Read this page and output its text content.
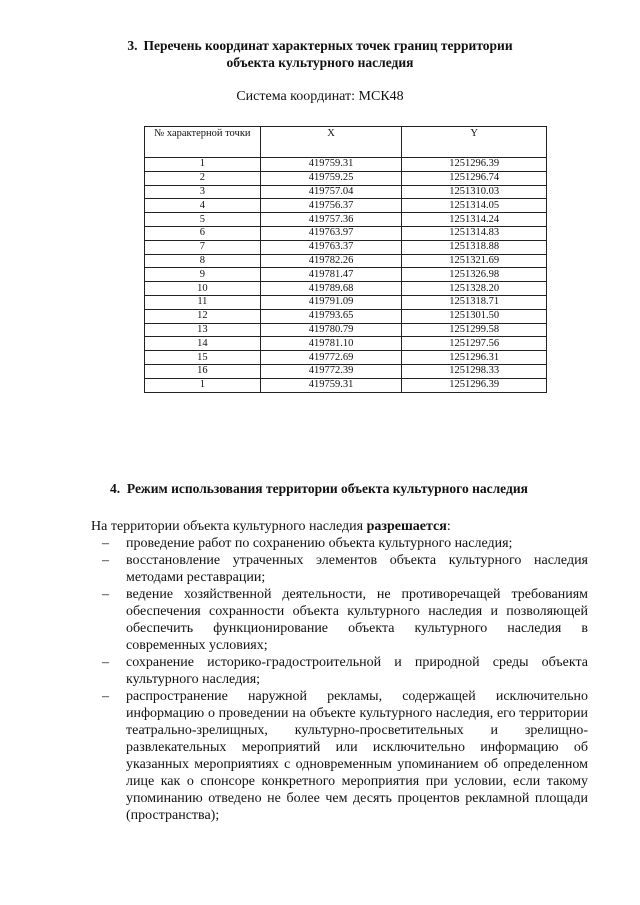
3. Перечень координат характерных точек границ территории
объекта культурного наследия
Система координат: МСК48
№ характерной точки	X	Y
1	419759.31	1251296.39
2	419759.25	1251296.74
3	419757.04	1251310.03
4	419756.37	1251314.05
5	419757.36	1251314.24
6	419763.97	1251314.83
7	419763.37	1251318.88
8	419782.26	1251321.69
9	419781.47	1251326.98
10	419789.68	1251328.20
11	419791.09	1251318.71
12	419793.65	1251301.50
13	419780.79	1251299.58
14	419781.10	1251297.56
15	419772.69	1251296.31
16	419772.39	1251298.33
1	419759.31	1251296.39
4. Режим использования территории объекта культурного наследия
На территории объекта культурного наследия разрешается:
– проведение работ по сохранению объекта культурного наследия;
– восстановление утраченных элементов объекта культурного наследия методами реставрации;
– ведение хозяйственной деятельности, не противоречащей требованиям обеспечения сохранности объекта культурного наследия и позволяющей обеспечить функционирование объекта культурного наследия в современных условиях;
– сохранение историко-градостроительной и природной среды объекта культурного наследия;
– распространение наружной рекламы, содержащей исключительно информацию о проведении на объекте культурного наследия, его территории театрально-зрелищных, культурно-просветительных и зрелищно-развлекательных мероприятий или исключительно информацию об указанных мероприятиях с одновременным упоминанием об определенном лице как о спонсоре конкретного мероприятия при условии, если такому упоминанию отведено не более чем десять процентов рекламной площади (пространства);
